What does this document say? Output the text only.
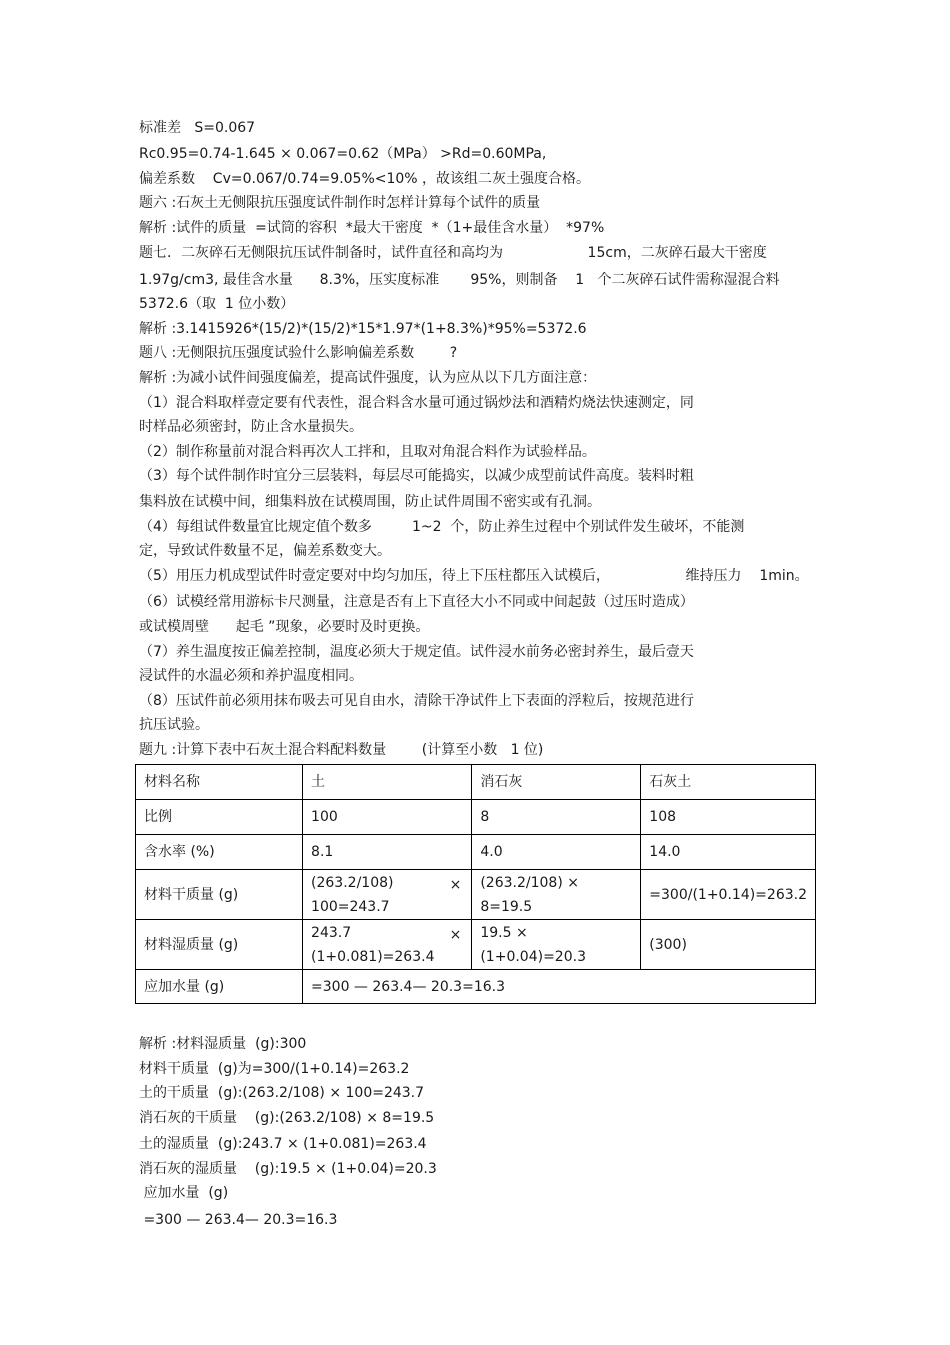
标准差   S=0.067
Rc0.95=0.74-1.645 × 0.067=0.62（MPa） >Rd=0.60MPa,
偏差系数    Cv=0.067/0.74=9.05%<10% ，故该组二灰土强度合格。
题六 :石灰土无侧限抗压强度试件制作时怎样计算每个试件的质量
解析 :试件的质量  =试筒的容积  *最大干密度  *（1+最佳含水量）  *97%
题七．二灰碎石无侧限抗压试件制备时，试件直径和高均为                   15cm，二灰碎石最大干密度
1.97g/cm3, 最佳含水量      8.3%，压实度标准       95%，则制备    1   个二灰碎石试件需称湿混合料
5372.6（取  1 位小数）
解析 :3.1415926*(15/2)*(15/2)*15*1.97*(1+8.3%)*95%=5372.6
题八 :无侧限抗压强度试验什么影响偏差系数        ?
解析 :为减小试件间强度偏差，提高试件强度，认为应从以下几方面注意：
（1）混合料取样壹定要有代表性，混合料含水量可通过锅炒法和酒精灼烧法快速测定，同
时样品必须密封，防止含水量损失。
（2）制作称量前对混合料再次人工拌和，且取对角混合料作为试验样品。
（3）每个试件制作时宜分三层装料，每层尽可能捣实，以减少成型前试件高度。装料时粗
集料放在试模中间，细集料放在试模周围，防止试件周围不密实或有孔洞。
（4）每组试件数量宜比规定值个数多         1~2  个，防止养生过程中个别试件发生破坏，不能测
定，导致试件数量不足，偏差系数变大。
（5）用压力机成型试件时壹定要对中均匀加压，待上下压柱都压入试模后，                 维持压力    1min。
（6）试模经常用游标卡尺测量，注意是否有上下直径大小不同或中间起鼓（过压时造成）
或试模周壁      起毛 ”现象，必要时及时更换。
（7）养生温度按正偏差控制，温度必须大于规定值。试件浸水前务必密封养生，最后壹天
浸试件的水温必须和养护温度相同。
（8）压试件前必须用抹布吸去可见自由水，清除干净试件上下表面的浮粒后，按规范进行
抗压试验。
题九 :计算下表中石灰土混合料配料数量        (计算至小数   1 位)
材料名称	土	消石灰	石灰土
比例	100	8	108
含水率 (%)	8.1	4.0	14.0
材料干质量 (g)	(263.2/108) ×
100=243.7	(263.2/108) × 8=19.5	=300/(1+0.14)=263.2
材料湿质量 (g)	243.7 ×
(1+0.081)=263.4	19.5 × (1+0.04)=20.3	(300)
应加水量 (g)	=300 — 263.4— 20.3=16.3		
解析 :材料湿质量  (g):300
材料干质量  (g)为=300/(1+0.14)=263.2
土的干质量  (g):(263.2/108) × 100=243.7
消石灰的干质量    (g):(263.2/108) × 8=19.5
土的湿质量  (g):243.7 × (1+0.081)=263.4
消石灰的湿质量    (g):19.5 × (1+0.04)=20.3
应加水量  (g)
=300 — 263.4— 20.3=16.3
